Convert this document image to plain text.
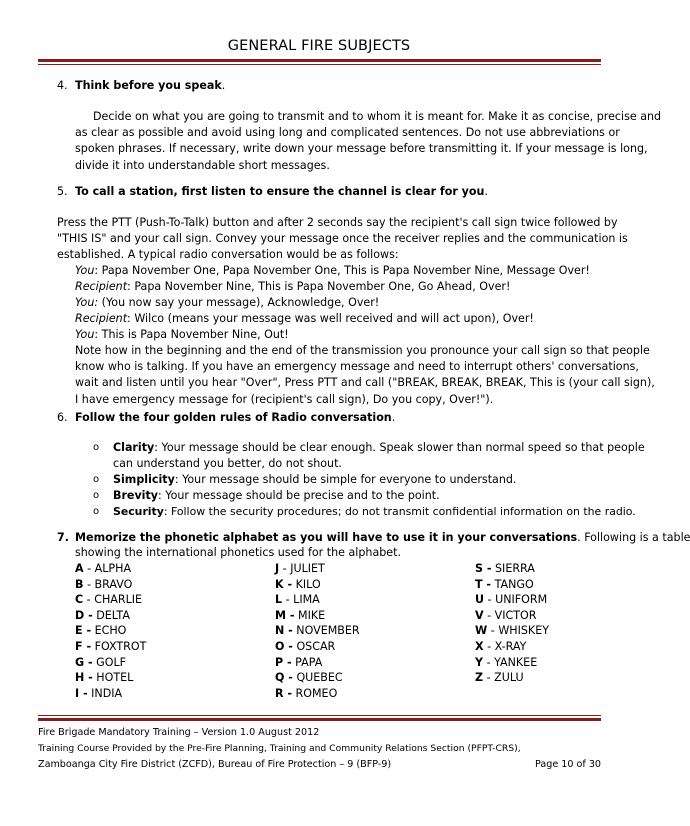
GENERAL FIRE SUBJECTS
4. Think before you speak.
Decide on what you are going to transmit and to whom it is meant for. Make it as concise, precise and
as clear as possible and avoid using long and complicated sentences. Do not use abbreviations or
spoken phrases. If necessary, write down your message before transmitting it. If your message is long,
divide it into understandable short messages.
5. To call a station, first listen to ensure the channel is clear for you.
Press the PTT (Push-To-Talk) button and after 2 seconds say the recipient's call sign twice followed by
"THIS IS" and your call sign. Convey your message once the receiver replies and the communication is
established. A typical radio conversation would be as follows:
You: Papa November One, Papa November One, This is Papa November Nine, Message Over!
Recipient: Papa November Nine, This is Papa November One, Go Ahead, Over!
You: (You now say your message), Acknowledge, Over!
Recipient: Wilco (means your message was well received and will act upon), Over!
You: This is Papa November Nine, Out!
Note how in the beginning and the end of the transmission you pronounce your call sign so that people
know who is talking. If you have an emergency message and need to interrupt others' conversations,
wait and listen until you hear "Over", Press PTT and call ("BREAK, BREAK, BREAK, This is (your call sign),
I have emergency message for (recipient's call sign), Do you copy, Over!").
6. Follow the four golden rules of Radio conversation.
o Clarity: Your message should be clear enough. Speak slower than normal speed so that people
can understand you better, do not shout.
o Simplicity: Your message should be simple for everyone to understand.
o Brevity: Your message should be precise and to the point.
o Security: Follow the security procedures; do not transmit confidential information on the radio.
7. Memorize the phonetic alphabet as you will have to use it in your conversations. Following is a table
showing the international phonetics used for the alphabet.
A - ALPHA
B - BRAVO
C - CHARLIE
D - DELTA
E - ECHO
F - FOXTROT
G - GOLF
H - HOTEL
I - INDIA
J - JULIET
K - KILO
L - LIMA
M - MIKE
N - NOVEMBER
O - OSCAR
P - PAPA
Q - QUEBEC
R - ROMEO
S - SIERRA
T - TANGO
U - UNIFORM
V - VICTOR
W - WHISKEY
X - X-RAY
Y - YANKEE
Z - ZULU
Fire Brigade Mandatory Training – Version 1.0 August 2012
Training Course Provided by the Pre-Fire Planning, Training and Community Relations Section (PFPT-CRS),
Zamboanga City Fire District (ZCFD), Bureau of Fire Protection – 9 (BFP-9)	Page 10 of 30
